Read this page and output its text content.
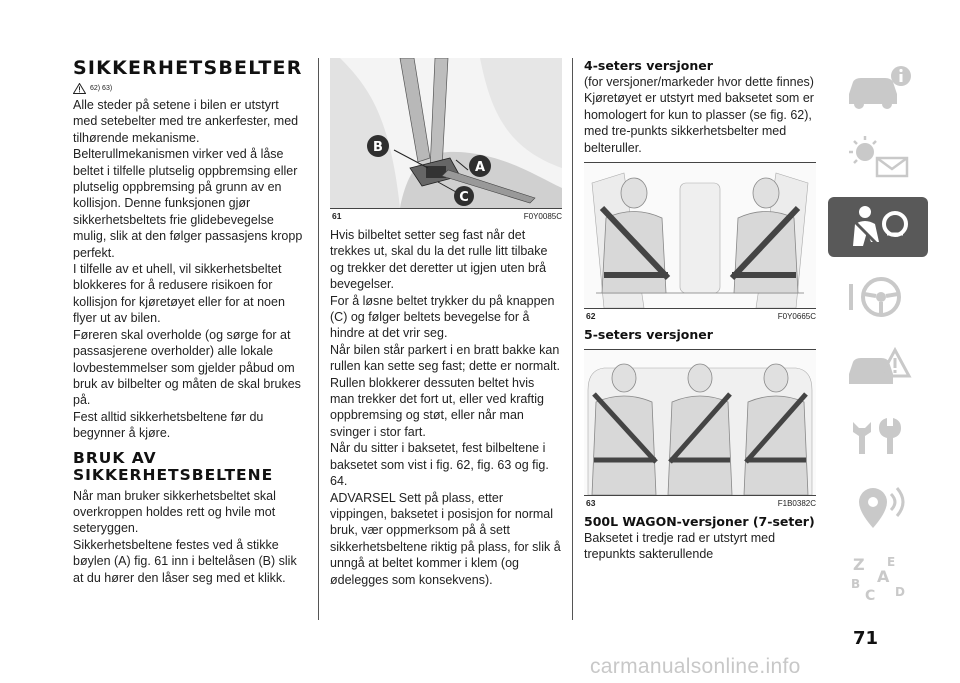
SIKKERHETSBELTER
62) 63)

Alle steder på setene i bilen er utstyrt med setebelter med tre ankerfester, med tilhørende mekanisme.

Belterullmekanismen virker ved å låse beltet i tilfelle plutselig oppbremsing eller plutselig oppbremsing på grunn av en kollisjon. Denne funksjonen gjør sikkerhetsbeltets frie glidebevegelse mulig, slik at den følger passasjens kropp perfekt.

I tilfelle av et uhell, vil sikkerhetsbeltet blokkeres for å redusere risikoen for kollisjon for kjøretøyet eller for at noen flyer ut av bilen.

Føreren skal overholde (og sørge for at passasjerene overholder) alle lokale lovbestemmelser som gjelder påbud om bruk av bilbelter og måten de skal brukes på.

Fest alltid sikkerhetsbeltene før du begynner å kjøre.

BRUK AV SIKKERHETSBELTENE

Når man bruker sikkerhetsbeltet skal overkroppen holdes rett og hvile mot seteryggen.

Sikkerhetsbeltene festes ved å stikke bøylen (A) fig. 61 inn i beltelåsen (B) slik at du hører den låser seg med et klikk.

B
A
C
61	F0Y0085C

Hvis bilbeltet setter seg fast når det trekkes ut, skal du la det rulle litt tilbake og trekker det deretter ut igjen uten brå bevegelser.

For å løsne beltet trykker du på knappen (C) og følger beltets bevegelse for å hindre at det vrir seg.

Når bilen står parkert i en bratt bakke kan rullen kan sette seg fast; dette er normalt. Rullen blokkerer dessuten beltet hvis man trekker det fort ut, eller ved kraftig oppbremsing og støt, eller når man svinger i stor fart.

Når du sitter i baksetet, fest bilbeltene i baksetet som vist i fig. 62, fig. 63 og fig. 64.

ADVARSEL Sett på plass, etter vippingen, baksetet i posisjon for normal bruk, vær oppmerksom på å sett sikkerhetsbeltene riktig på plass, for slik å unngå at beltet kommer i klem (og ødelegges som konsekvens).

4-seters versjoner

(for versjoner/markeder hvor dette finnes)

Kjøretøyet er utstyrt med baksetet som er homologert for kun to plasser (se fig. 62), med tre-punkts sikkerhetsbelter med belteruller.

62	F0Y0665C
5-seters versjoner
63	F1B0382C
500L WAGON-versjoner (7-seter)

Baksetet i tredje rad er utstyrt med trepunkts sakterullende

Z E
A
B
C D
71
carmanualsonline.info
